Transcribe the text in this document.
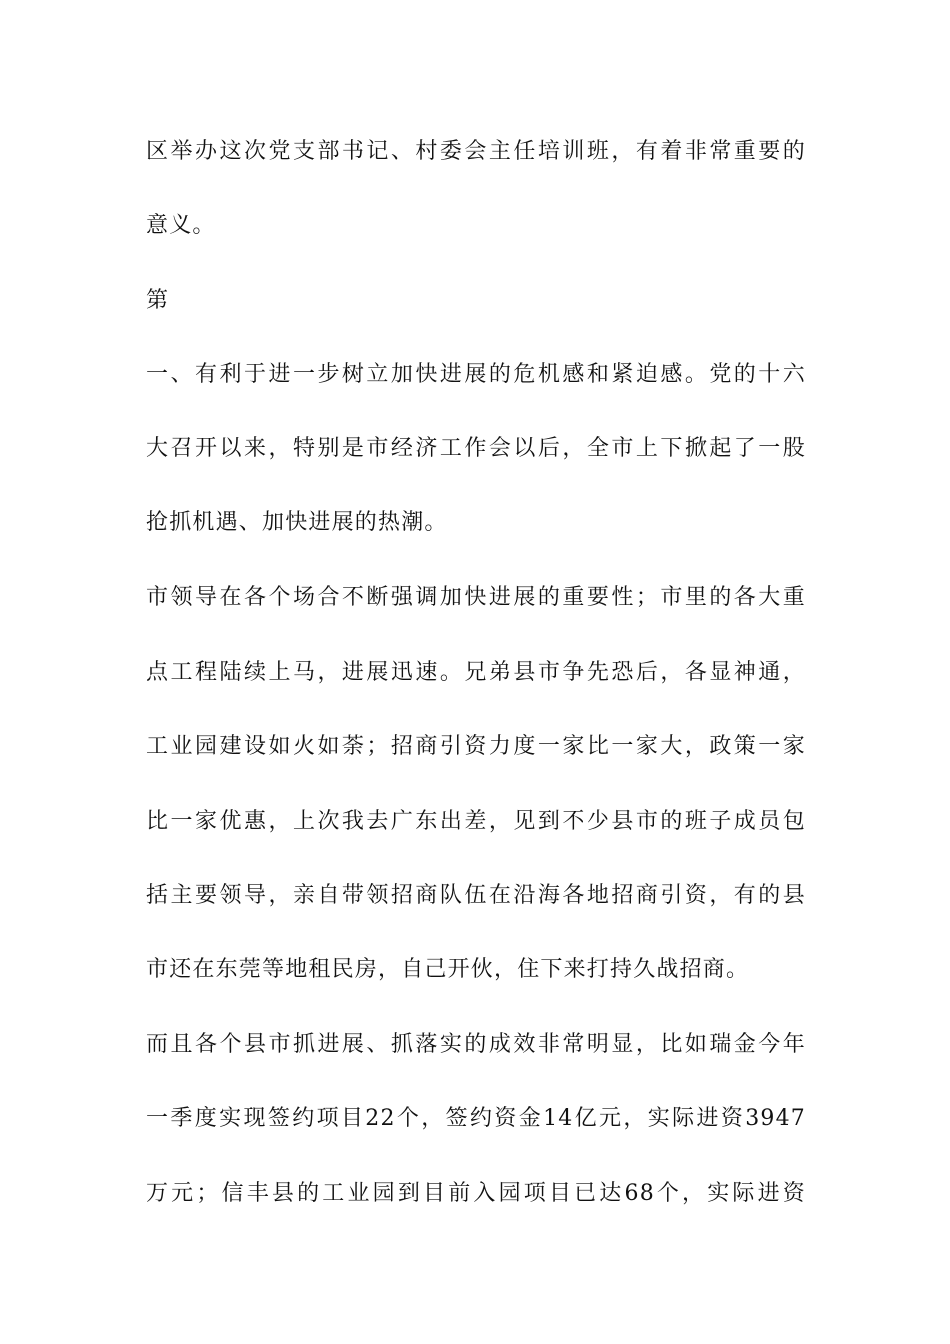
区举办这次党支部书记、村委会主任培训班，有着非常重要的

意义。

第

一、有利于进一步树立加快进展的危机感和紧迫感。党的十六

大召开以来，特别是市经济工作会以后，全市上下掀起了一股

抢抓机遇、加快进展的热潮。

市领导在各个场合不断强调加快进展的重要性；市里的各大重

点工程陆续上马，进展迅速。兄弟县市争先恐后，各显神通，

工业园建设如火如荼；招商引资力度一家比一家大，政策一家

比一家优惠，上次我去广东出差，见到不少县市的班子成员包

括主要领导，亲自带领招商队伍在沿海各地招商引资，有的县

市还在东莞等地租民房，自己开伙，住下来打持久战招商。

而且各个县市抓进展、抓落实的成效非常明显，比如瑞金今年

一季度实现签约项目22个，签约资金14亿元，实际进资3947

万元；信丰县的工业园到目前入园项目已达68个，实际进资
